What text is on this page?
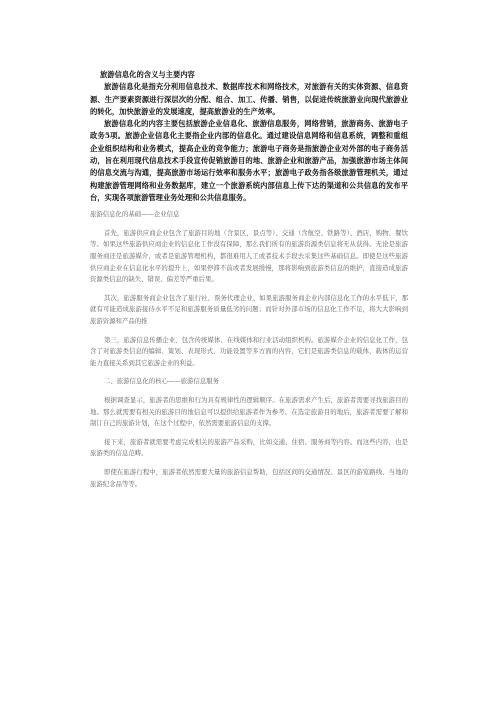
旅游信息化的含义与主要内容

旅游信息化是指充分利用信息技术、数据库技术和网络技术，对旅游有关的实体资源、信息资源、生产要素资源进行深层次的分配、组合、加工、传播、销售，以促进传统旅游业向现代旅游业的转化，加快旅游业的发展速度，提高旅游业的生产效率。

旅游信息化的内容主要包括旅游企业信息化、旅游信息服务，网络营销，旅游商务、旅游电子政务5项。旅游企业信息化主要指企业内部的信息化。通过建设信息网络和信息系统，调整和重组企业组织结构和业务模式，提高企业的竞争能力；旅游电子商务是指旅游企业对外部的电子商务活动，旨在利用现代信息技术手段宣传促销旅游目的地、旅游企业和旅游产品，加强旅游市场主体间的信息交流与沟通，提高旅游市场运行效率和服务水平；旅游电子政务指各级旅游管理机关，通过构建旅游管理网络和业务数据库，建立一个旅游系统内部信息上传下达的渠道和公共信息的发布平台，实现各项旅游管理业务处理和公共信息服务。

旅游信息化的基础——企业信息

首先，旅游供应商企业包含了旅游目的地（含景区、景点等）、交通（含航空、铁路等）、酒店、购物、餐饮等。如果这些旅游供应商企业的信息化工作没有保障，那么我们所有的旅游资源类信息将无从获得。无论是旅游服务商还是旅游媒介，或者是旅游管理机构，都很难用人工或者技术手段去采集这些基础信息。即使是这些旅游供应商企业在信息化水平的提升上，如果停滞不前或者发展缓慢，那将影响到旅游类信息的维护，直接造成旅游资源类信息的缺失、错误、偏差等严重后果。

其次，旅游服务商企业包含了旅行社、票务代理企业、如果旅游服务商企业内部信息化工作的水平低下，那就有可能造成旅游接待水平不足和旅游服务质量低劣的问题；而针对外部市场的信息化工作不足，将大大影响到旅游资源和产品的推

第三，旅游信息传播企业，包含传统媒体、在线媒体和行业活动组织机构。旅游媒介企业的信息化工作，包含了对旅游类信息的编辑、策划、表现形式、功能设置等多方面的内容，它们是旅游类信息的载体，载体的运营能力直接关系到其它旅游企业的利益。

二、旅游信息化的核心——旅游信息服务

根据调查显示，旅游者的思维和行为具有规律性的逻辑顺序。在旅游需求产生后，旅游者需要寻找旅游目的地。那么就需要有相关的旅游目的地信息可以提供给旅游者作为参考。在选定旅游目的地后，旅游者需要了解和制订自己的旅游计划，在这个过程中，依然需要旅游信息的支撑。

接下来，旅游者就需要考虑完成相关的旅游产品采购，比如交通、住宿、服务商等内容。而这些内容，也是旅游类的信息范畴。

即使在旅游行程中，旅游者依然需要大量的旅游信息帮助，包括区间的交通情况、景区的游览路线、当地的旅游纪念品等等。
